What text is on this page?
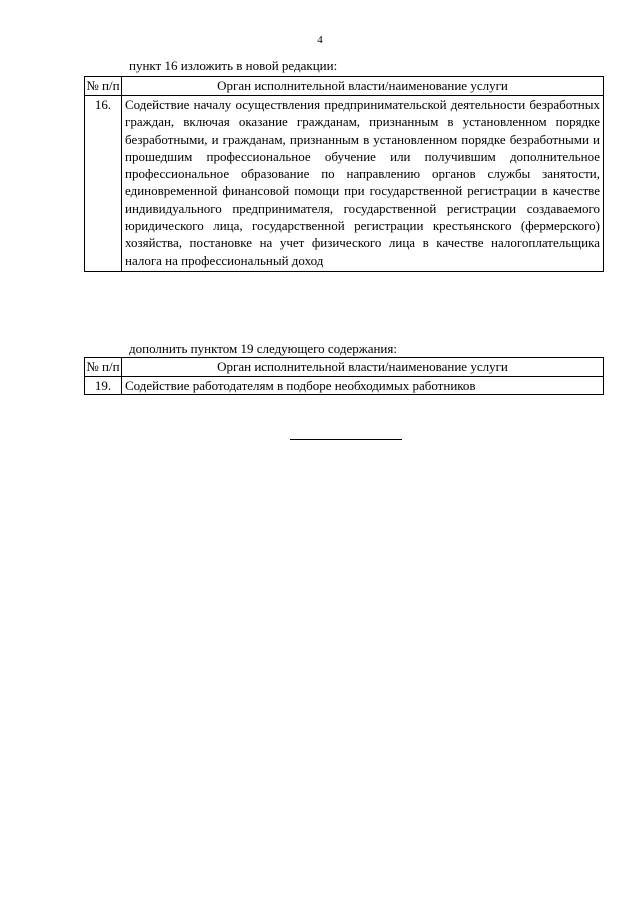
4
пункт 16 изложить в новой редакции:
№ п/п	Орган исполнительной власти/наименование услуги
16.	Содействие началу осуществления предпринимательской деятельности безработных граждан, включая оказание гражданам, признанным в установленном порядке безработными, и гражданам, признанным в установленном порядке безработными и прошедшим профессиональное обучение или получившим дополнительное профессиональное образование по направлению органов службы занятости, единовременной финансовой помощи при государственной регистрации в качестве индивидуального предпринимателя, государственной регистрации создаваемого юридического лица, государственной регистрации крестьянского (фермерского) хозяйства, постановке на учет физического лица в качестве налогоплательщика налога на профессиональный доход
дополнить пунктом 19 следующего содержания:
№ п/п	Орган исполнительной власти/наименование услуги
19.	Содействие работодателям в подборе необходимых работников
